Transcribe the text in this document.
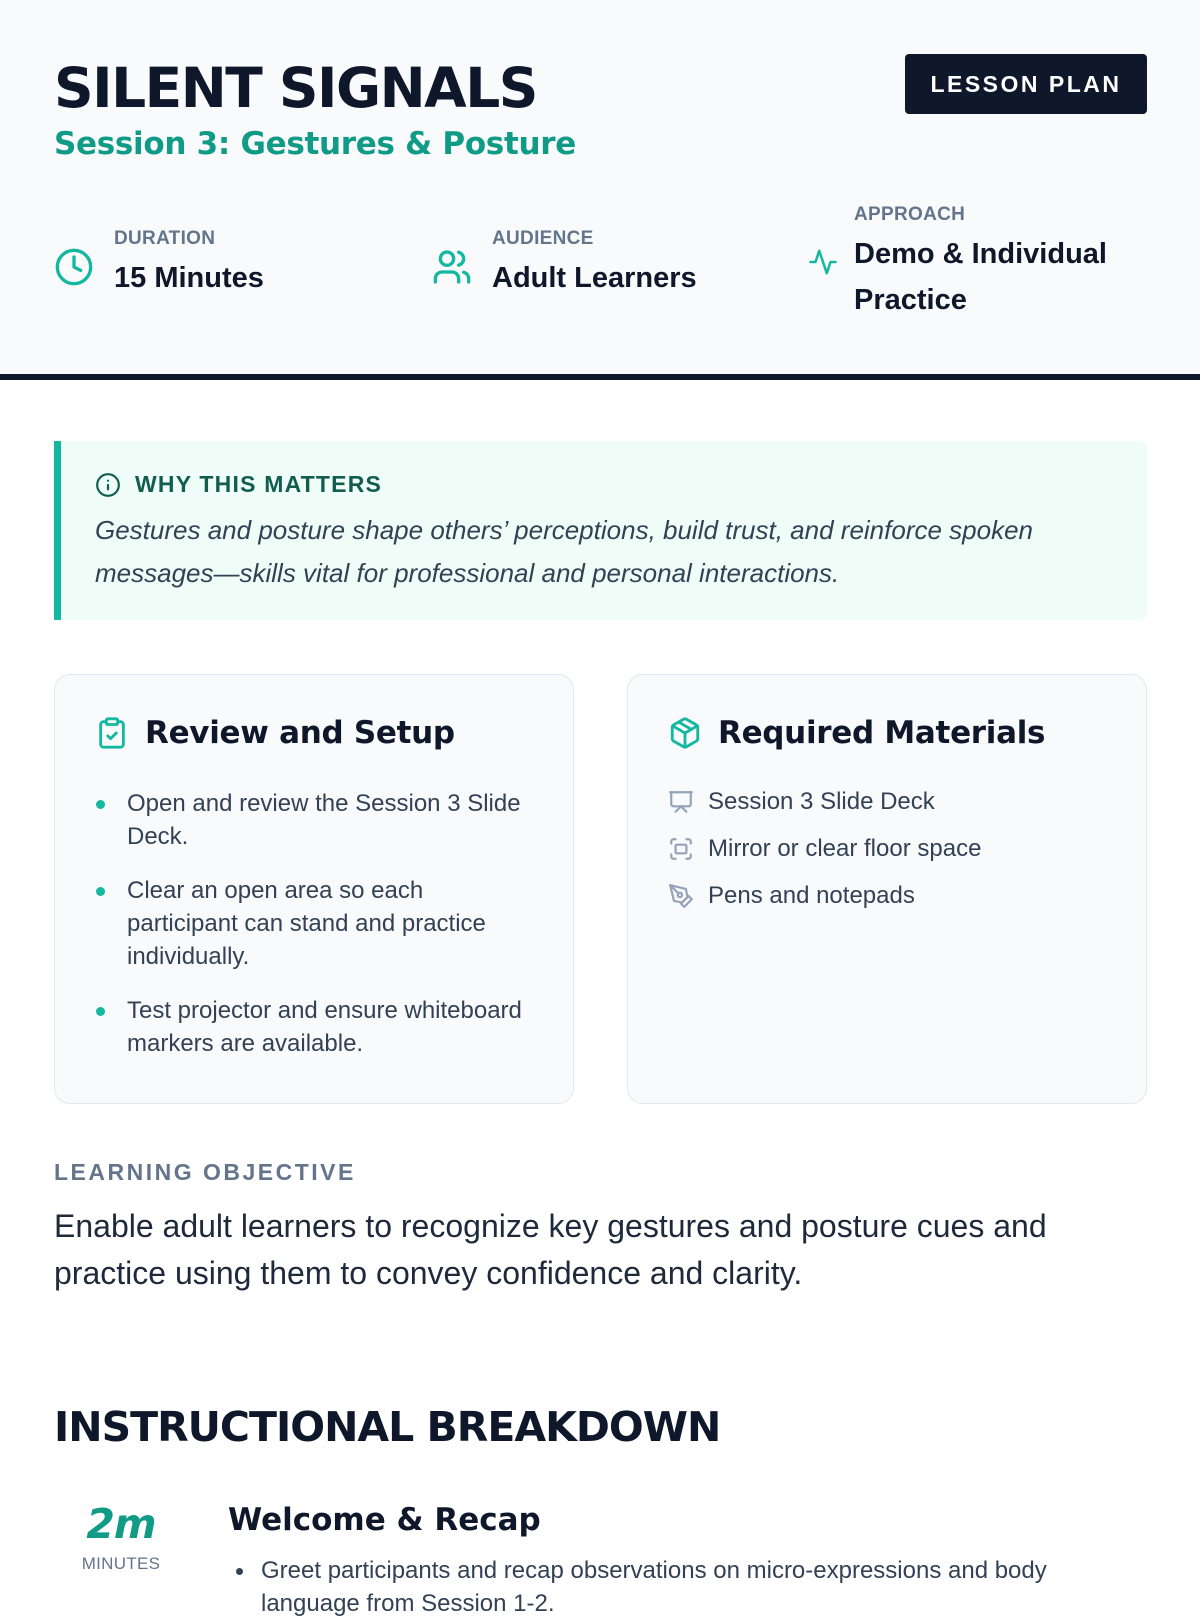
SILENT SIGNALS
Session 3: Gestures & Posture
LESSON PLAN
DURATION
15 Minutes
AUDIENCE
Adult Learners
APPROACH
Demo & Individual Practice
WHY THIS MATTERS

Gestures and posture shape others’ perceptions, build trust, and reinforce spoken messages—skills vital for professional and personal interactions.

Review and Setup
Open and review the Session 3 Slide Deck.
Clear an open area so each participant can stand and practice individually.
Test projector and ensure whiteboard markers are available.
Required Materials
Session 3 Slide Deck
Mirror or clear floor space
Pens and notepads
LEARNING OBJECTIVE

Enable adult learners to recognize key gestures and posture cues and practice using them to convey confidence and clarity.

INSTRUCTIONAL BREAKDOWN
2m
MINUTES
Welcome & Recap
Greet participants and recap observations on micro-expressions and body language from Session 1-2.
